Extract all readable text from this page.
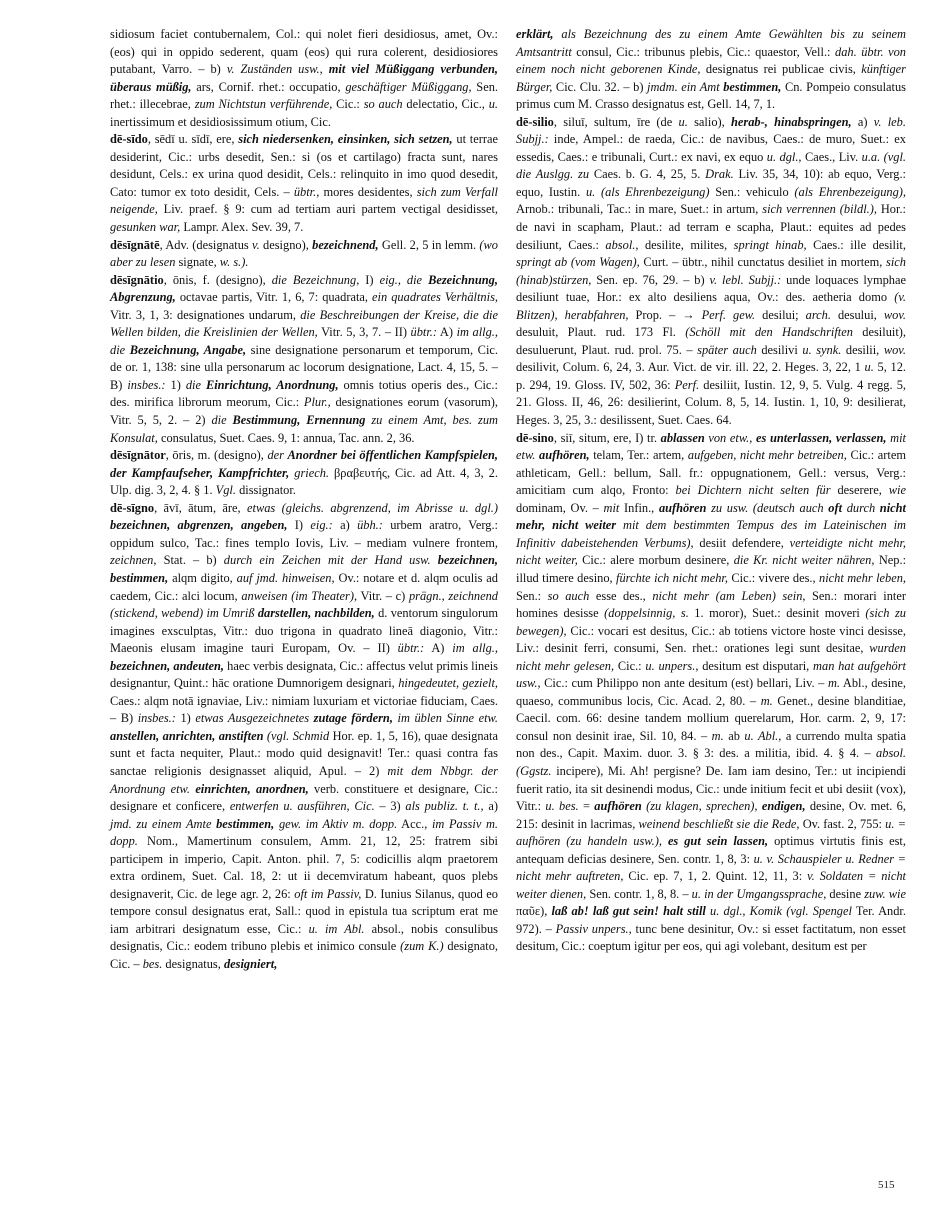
sidiosum faciet contubernalem, Col.: qui nolet fieri desidiosus, amet, Ov.: (eos) qui in oppido sederent, quam (eos) qui rura colerent, desidiosiores putabant, Varro. – b) v. Zuständen usw., mit viel Müßiggang verbunden, überaus müßig, ars, Cornif. rhet.: occupatio, geschäftiger Müßiggang, Sen. rhet.: illecebrae, zum Nichtstun verführende, Cic.: so auch delectatio, Cic., u. inertissimum et desidiosissimum otium, Cic.

dē-sīdo, sēdī u. sīdī, ere, sich niedersenken, einsinken, sich setzen, ut terrae desiderint, Cic.: urbs desedit, Sen.: si (os et cartilago) fracta sunt, nares desidunt, Cels.: ex urina quod desidit, Cels.: relinquito in imo quod desedit, Cato: tumor ex toto desidit, Cels. – übtr., mores desidentes, sich zum Verfall neigende, Liv. praef. § 9: cum ad tertiam auri partem vectigal desidisset, gesunken war, Lampr. Alex. Sev. 39, 7.

dēsīgnātē, Adv. (designatus v. designo), bezeichnend, Gell. 2, 5 in lemm. (wo aber zu lesen signate, w. s.).

dēsīgnātio, ōnis, f. (designo), die Bezeichnung, I) eig., die Bezeichnung, Abgrenzung, octavae partis, Vitr. 1, 6, 7: quadrata, ein quadrates Verhältnis, Vitr. 3, 1, 3: designationes undarum, die Beschreibungen der Kreise, die die Wellen bilden, die Kreislinien der Wellen, Vitr. 5, 3, 7. – II) übtr.: A) im allg., die Bezeichnung, Angabe, sine designatione personarum et temporum, Cic. de or. 1, 138: sine ulla personarum ac locorum designatione, Lact. 4, 15, 5. – B) insbes.: 1) die Einrichtung, Anordnung, omnis totius operis des., Cic.: des. mirifica librorum meorum, Cic.: Plur., designationes eorum (vasorum), Vitr. 5, 5, 2. – 2) die Bestimmung, Ernennung zu einem Amt, bes. zum Konsulat, consulatus, Suet. Caes. 9, 1: annua, Tac. ann. 2, 36.

dēsīgnātor, ōris, m. (designo), der Anordner bei öffentlichen Kampfspielen, der Kampfaufseher, Kampfrichter, griech. βραβευτής, Cic. ad Att. 4, 3, 2. Ulp. dig. 3, 2, 4. § 1. Vgl. dissignator.

dē-sīgno, āvī, ātum, āre, etwas (gleichs. abgrenzend, im Abrisse u. dgl.) bezeichnen, abgrenzen, angeben, I) eig.: a) übh.: urbem aratro, Verg.: oppidum sulco, Tac.: fines templo Iovis, Liv. – mediam vulnere frontem, zeichnen, Stat. – b) durch ein Zeichen mit der Hand usw. bezeichnen, bestimmen, alqm digito, auf jmd. hinweisen, Ov.: notare et d. alqm oculis ad caedem, Cic.: alci locum, anweisen (im Theater), Vitr. – c) prägn., zeichnend (stickend, webend) im Umriß darstellen, nachbilden, d. ventorum singulorum imagines exsculptas, Vitr.: duo trigona in quadrato lineā diagonio, Vitr.: Maeonis elusam imagine tauri Europam, Ov. – II) übtr.: A) im allg., bezeichnen, andeuten, haec verbis designata, Cic.: affectus velut primis lineis designantur, Quint.: hāc oratione Dumnorigem designari, hingedeutet, gezielt, Caes.: alqm notā ignaviae, Liv.: nimiam luxuriam et victoriae fiduciam, Caes. – B) insbes.: 1) etwas Ausgezeichnetes zutage fördern, im üblen Sinne etw. anstellen, anrichten, anstiften (vgl. Schmid Hor. ep. 1, 5, 16), quae designata sunt et facta nequiter, Plaut.: modo quid designavit! Ter.: quasi contra fas sanctae religionis designasset aliquid, Apul. – 2) mit dem Nbbgr. der Anordnung etw. einrichten, anordnen, verb. constituere et designare, Cic.: designare et conficere, entwerfen u. ausführen, Cic. – 3) als publiz. t. t., a) jmd. zu einem Amte bestimmen, gew. im Aktiv m. dopp. Acc., im Passiv m. dopp. Nom., Mamertinum consulem, Amm. 21, 12, 25: fratrem sibi participem in imperio, Capit. Anton. phil. 7, 5: codicillis alqm praetorem extra ordinem, Suet. Cal. 18, 2: ut ii decemviratum habeant, quos plebs designaverit, Cic. de lege agr. 2, 26: oft im Passiv, D. Iunius Silanus, quod eo tempore consul designatus erat, Sall.: quod in epistula tua scriptum erat me iam arbitrari designatum esse, Cic.: u. im Abl. absol., nobis consulibus designatis, Cic.: eodem tribuno plebis et inimico consule (zum K.) designato, Cic. – bes. designatus, designiert,

erklärt, als Bezeichnung des zu einem Amte Gewählten bis zu seinem Amtsantritt consul, Cic.: tribunus plebis, Cic.: quaestor, Vell.: dah. übtr. von einem noch nicht geborenen Kinde, designatus rei publicae civis, künftiger Bürger, Cic. Clu. 32. – b) jmdm. ein Amt bestimmen, Cn. Pompeio consulatus primus cum M. Crasso designatus est, Gell. 14, 7, 1.

dē-silio, siluī, sultum, īre (de u. salio), herab-, hinabspringen, a) v. leb. Subjj.: inde, Ampel.: de raeda, Cic.: de navibus, Caes.: de muro, Suet.: ex essedis, Caes.: e tribunali, Curt.: ex navi, ex equo u. dgl., Caes., Liv. u.a. (vgl. die Auslgg. zu Caes. b. G. 4, 25, 5. Drak. Liv. 35, 34, 10): ab equo, Verg.: equo, Iustin. u. (als Ehrenbezeigung) Sen.: vehiculo (als Ehrenbezeigung), Arnob.: tribunali, Tac.: in mare, Suet.: in artum, sich verrennen (bildl.), Hor.: de navi in scapham, Plaut.: ad terram e scapha, Plaut.: equites ad pedes desiliunt, Caes.: absol., desilite, milites, springt hinab, Caes.: ille desilit, springt ab (vom Wagen), Curt. – übtr., nihil cunctatus desiliet in mortem, sich (hinab)stürzen, Sen. ep. 76, 29. – b) v. lebl. Subjj.: unde loquaces lymphae desiliunt tuae, Hor.: ex alto desiliens aqua, Ov.: des. aetheria domo (v. Blitzen), herabfahren, Prop. – → Perf. gew. desilui; arch. desului, wov. desuluit, Plaut. rud. 173 Fl. (Schöll mit den Handschriften desiluit), desuluerunt, Plaut. rud. prol. 75. – später auch desilivi u. synk. desilii, wov. desilivit, Colum. 6, 24, 3. Aur. Vict. de vir. ill. 22, 2. Heges. 3, 22, 1 u. 5, 12. p. 294, 19. Gloss. IV, 502, 36: Perf. desiliit, Iustin. 12, 9, 5. Vulg. 4 regg. 5, 21. Gloss. II, 46, 26: desilierint, Colum. 8, 5, 14. Iustin. 1, 10, 9: desilierat, Heges. 3, 25, 3.: desilissent, Suet. Caes. 64.

dē-sino, siī, situm, ere, I) tr. ablassen von etw., es unterlassen, verlassen, mit etw. aufhören, telam, Ter.: artem, aufgeben, nicht mehr betreiben, Cic.: artem athleticam, Gell.: bellum, Sall. fr.: oppugnationem, Gell.: versus, Verg.: amicitiam cum alqo, Fronto: bei Dichtern nicht selten für deserere, wie dominam, Ov. – mit Infin., aufhören zu usw. (deutsch auch oft durch nicht mehr, nicht weiter mit dem bestimmten Tempus des im Lateinischen im Infinitiv dabeistehenden Verbums), desiit defendere, verteidigte nicht mehr, nicht weiter, Cic.: alere morbum desinere, die Kr. nicht weiter nähren, Nep.: illud timere desino, fürchte ich nicht mehr, Cic.: vivere des., nicht mehr leben, Sen.: so auch esse des., nicht mehr (am Leben) sein, Sen.: morari inter homines desisse (doppelsinnig, s. 1. moror), Suet.: desinit moveri (sich zu bewegen), Cic.: vocari est desitus, Cic.: ab totiens victore hoste vinci desisse, Liv.: desinit ferri, consumi, Sen. rhet.: orationes legi sunt desitae, wurden nicht mehr gelesen, Cic.: u. unpers., desitum est disputari, man hat aufgehört usw., Cic.: cum Philippo non ante desitum (est) bellari, Liv. – m. Abl., desine, quaeso, communibus locis, Cic. Acad. 2, 80. – m. Genet., desine blanditiae, Caecil. com. 66: desine tandem mollium querelarum, Hor. carm. 2, 9, 17: consul non desinit irae, Sil. 10, 84. – m. ab u. Abl., a currendo multa spatia non des., Capit. Maxim. duor. 3. § 3: des. a militia, ibid. 4. § 4. – absol. (Ggstz. incipere), Mi. Ah! pergisne? De. Iam iam desino, Ter.: ut incipiendi fuerit ratio, ita sit desinendi modus, Cic.: unde initium fecit et ubi desiit (vox), Vitr.: u. bes. = aufhören (zu klagen, sprechen), endigen, desine, Ov. met. 6, 215: desinit in lacrimas, weinend beschließt sie die Rede, Ov. fast. 2, 755: u. = aufhören (zu handeln usw.), es gut sein lassen, optimus virtutis finis est, antequam deficias desinere, Sen. contr. 1, 8, 3: u. v. Schauspieler u. Redner = nicht mehr auftreten, Cic. ep. 7, 1, 2. Quint. 12, 11, 3: v. Soldaten = nicht weiter dienen, Sen. contr. 1, 8, 8. – u. in der Umgangssprache, desine zuw. wie παῦε), laß ab! laß gut sein! halt still u. dgl., Komik (vgl. Spengel Ter. Andr. 972). – Passiv unpers., tunc bene desinitur, Ov.: si esset factitatum, non esset desitum, Cic.: coeptum igitur per eos, qui agi volebant, desitum est per

515
